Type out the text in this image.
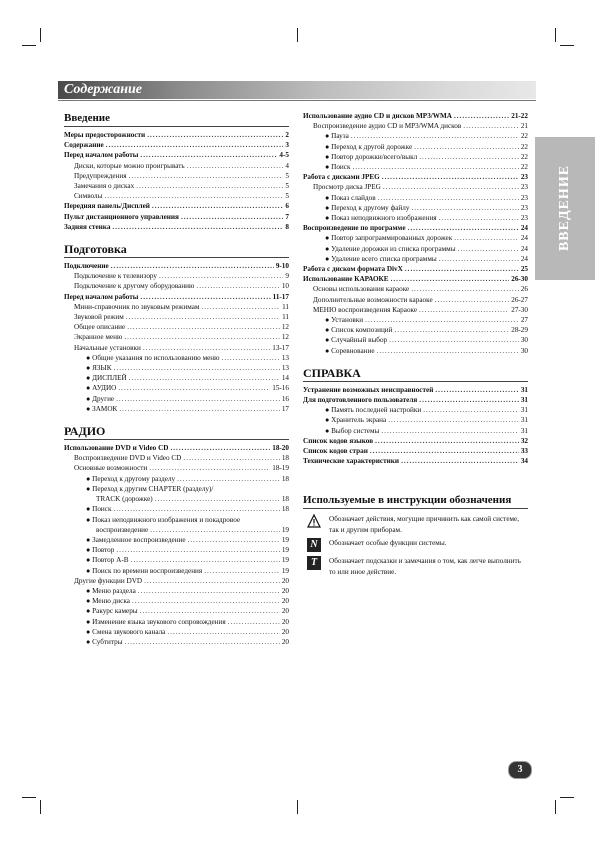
Содержание
ВВЕДЕНИЕ
Введение
Меры предосторожности .....	2
Содержание .....	3
Перед началом работы .....	4-5
Диски, которые можно проигрывать .....	4
Предупреждения .....	5
Замечания о дисках .....	5
Символы .....	5
Передняя панель/Дисплей .....	6
Пульт дистанционного управления .....	7
Задняя стенка .....	8
Подготовка
Подключение .....	9-10
Подключение к телевизору .....	9
Подключение к другому оборудованию .....	10
Перед началом работы .....	11-17
Мини-справочник по звуковым режимам .....	11
Звуковой режим .....	11
Общее описание .....	12
Экранное меню .....	12
Начальные установки .....	13-17
● Общие указания по использованию меню .....	13
● ЯЗЫК .....	13
● ДИСПЛЕЙ .....	14
● АУДИО .....	15-16
● Другие .....	16
● ЗАМОК .....	17
РАДИО
Использование DVD и Video CD .....	18-20
Воспроизведение DVD и Video CD .....	18
Основные возможности .....	18-19
● Переход к другому разделу .....	18
● Переход к другим CHAPTER (разделу)/
TRACK (дорожке) .....	18
● Поиск .....	18
● Показ неподвижного изображения и покадровое
воспроизведение .....	19
● Замедленное воспроизведение .....	19
● Повтор .....	19
● Повтор A-B .....	19
● Поиск по времени воспроизведения .....	19
Другие функции DVD .....	20
● Меню раздела .....	20
● Меню диска .....	20
● Ракурс камеры .....	20
● Изменение языка звукового сопровождения .....	20
● Смена звукового канала .....	20
● Субтитры .....	20
Использование аудио CD и дисков MP3/WMA .....	21-22
Воспроизведение аудио CD и MP3/WMA дисков .....	21
● Пауза .....	22
● Переход к другой дорожке .....	22
● Повтор дорожки/всего/выкл .....	22
● Поиск .....	22
Работа с дисками JPEG .....	23
Просмотр диска JPEG .....	23
● Показ слайдов .....	23
● Переход к другому файлу .....	23
● Показ неподвижного изображения .....	23
Воспроизведение по программе .....	24
● Повтор запрограммированных дорожек .....	24
● Удаление дорожки из списка программы .....	24
● Удаление всего списка программы .....	24
Работа с диском формата DivX .....	25
Использование КАРАОКЕ .....	26-30
Основы использования караоке .....	26
Дополнительные возможности караоке .....	26-27
МЕНЮ воспроизведения Караоке .....	27-30
● Установки .....	27
● Список композиций .....	28-29
● Случайный выбор .....	30
● Соревнование .....	30
СПРАВКА
Устранение возможных неисправностей .....	31
Для подготовленного пользователя .....	31
● Память последней настройки .....	31
● Хранитель экрана .....	31
● Выбор системы .....	31
Список кодов языков .....	32
Список кодов стран .....	33
Технические характеристики .....	34
Используемые в инструкции обозначения
Обозначает действия, могущие причинить как самой системе, так и другим приборам.
N	Обозначает особые функции системы.
T	Обозначает подсказки и замечания о том, как легче выполнить то или иное действие.
3
